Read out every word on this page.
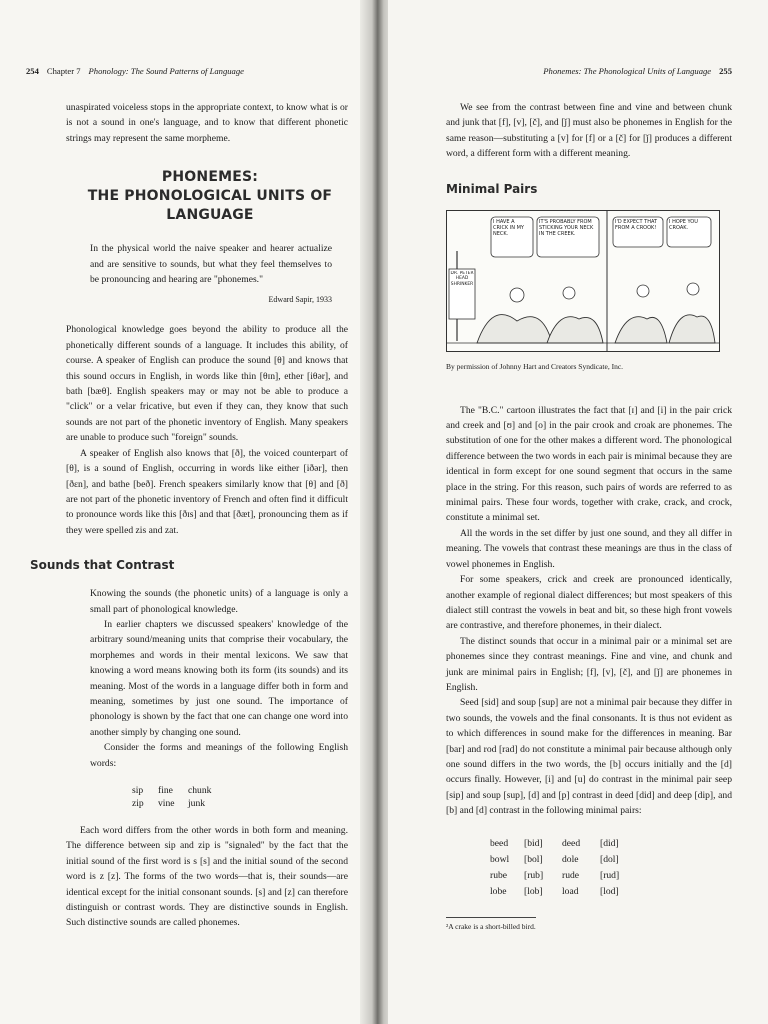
254 Chapter 7 Phonology: The Sound Patterns of Language

unaspirated voiceless stops in the appropriate context, to know what is or is not a sound in one's language, and to know that different phonetic strings may represent the same morpheme.

PHONEMES:
THE PHONOLOGICAL UNITS OF LANGUAGE

In the physical world the naive speaker and hearer actualize and are sensitive to sounds, but what they feel themselves to be pronouncing and hearing are "phonemes."

Edward Sapir, 1933

Phonological knowledge goes beyond the ability to produce all the phonetically different sounds of a language. It includes this ability, of course. A speaker of English can produce the sound [θ] and knows that this sound occurs in English, in words like thin [θɪn], ether [iθər], and bath [bæθ]. English speakers may or may not be able to produce a "click" or a velar fricative, but even if they can, they know that such sounds are not part of the phonetic inventory of English. Many speakers are unable to produce such "foreign" sounds.

A speaker of English also knows that [ð], the voiced counterpart of [θ], is a sound of English, occurring in words like either [iðər], then [ðɛn], and bathe [beð]. French speakers similarly know that [θ] and [ð] are not part of the phonetic inventory of French and often find it difficult to pronounce words like this [ðɪs] and that [ðæt], pronouncing them as if they were spelled zis and zat.

Sounds that Contrast

Knowing the sounds (the phonetic units) of a language is only a small part of phonological knowledge.

In earlier chapters we discussed speakers' knowledge of the arbitrary sound/meaning units that comprise their vocabulary, the morphemes and words in their mental lexicons. We saw that knowing a word means knowing both its form (its sounds) and its meaning. Most of the words in a language differ both in form and meaning, sometimes by just one sound. The importance of phonology is shown by the fact that one can change one word into another simply by changing one sound.

Consider the forms and meanings of the following English words:

sip	fine	chunk
zip	vine	junk

Each word differs from the other words in both form and meaning. The difference between sip and zip is "signaled" by the fact that the initial sound of the first word is s [s] and the initial sound of the second word is z [z]. The forms of the two words—that is, their sounds—are identical except for the initial consonant sounds. [s] and [z] can therefore distinguish or contrast words. They are distinctive sounds in English. Such distinctive sounds are called phonemes.

Phonemes: The Phonological Units of Language 255

We see from the contrast between fine and vine and between chunk and junk that [f], [v], [č], and [ǰ] must also be phonemes in English for the same reason—substituting a [v] for [f] or a [č] for [ǰ] produces a different word, a different form with a different meaning.

Minimal Pairs
I HAVE A CRICK IN MY NECK.
IT'S PROBABLY FROM STICKING YOUR NECK IN THE CREEK.
I'D EXPECT THAT FROM A CROOK!
I HOPE YOU CROAK.
DR. PETER HEAD SHRINKER
By permission of Johnny Hart and Creators Syndicate, Inc.

The "B.C." cartoon illustrates the fact that [ɪ] and [i] in the pair crick and creek and [ʊ] and [o] in the pair crook and croak are phonemes. The substitution of one for the other makes a different word. The phonological difference between the two words in each pair is minimal because they are identical in form except for one sound segment that occurs in the same place in the string. For this reason, such pairs of words are referred to as minimal pairs. These four words, together with crake, crack, and crock, constitute a minimal set.

All the words in the set differ by just one sound, and they all differ in meaning. The vowels that contrast these meanings are thus in the class of vowel phonemes in English.

For some speakers, crick and creek are pronounced identically, another example of regional dialect differences; but most speakers of this dialect still contrast the vowels in beat and bit, so these high front vowels are contrastive, and therefore phonemes, in their dialect.

The distinct sounds that occur in a minimal pair or a minimal set are phonemes since they contrast meanings. Fine and vine, and chunk and junk are minimal pairs in English; [f], [v], [č], and [ǰ] are phonemes in English.

Seed [sid] and soup [sup] are not a minimal pair because they differ in two sounds, the vowels and the final consonants. It is thus not evident as to which differences in sound make for the differences in meaning. Bar [bar] and rod [rad] do not constitute a minimal pair because although only one sound differs in the two words, the [b] occurs initially and the [d] occurs finally. However, [i] and [u] do contrast in the minimal pair seep [sip] and soup [sup], [d] and [p] contrast in deed [did] and deep [dip], and [b] and [d] contrast in the following minimal pairs:

beed	[bid]	deed	[did]
bowl	[bol]	dole	[dol]
rube	[rub]	rude	[rud]
lobe	[lob]	load	[lod]
²A crake is a short-billed bird.
